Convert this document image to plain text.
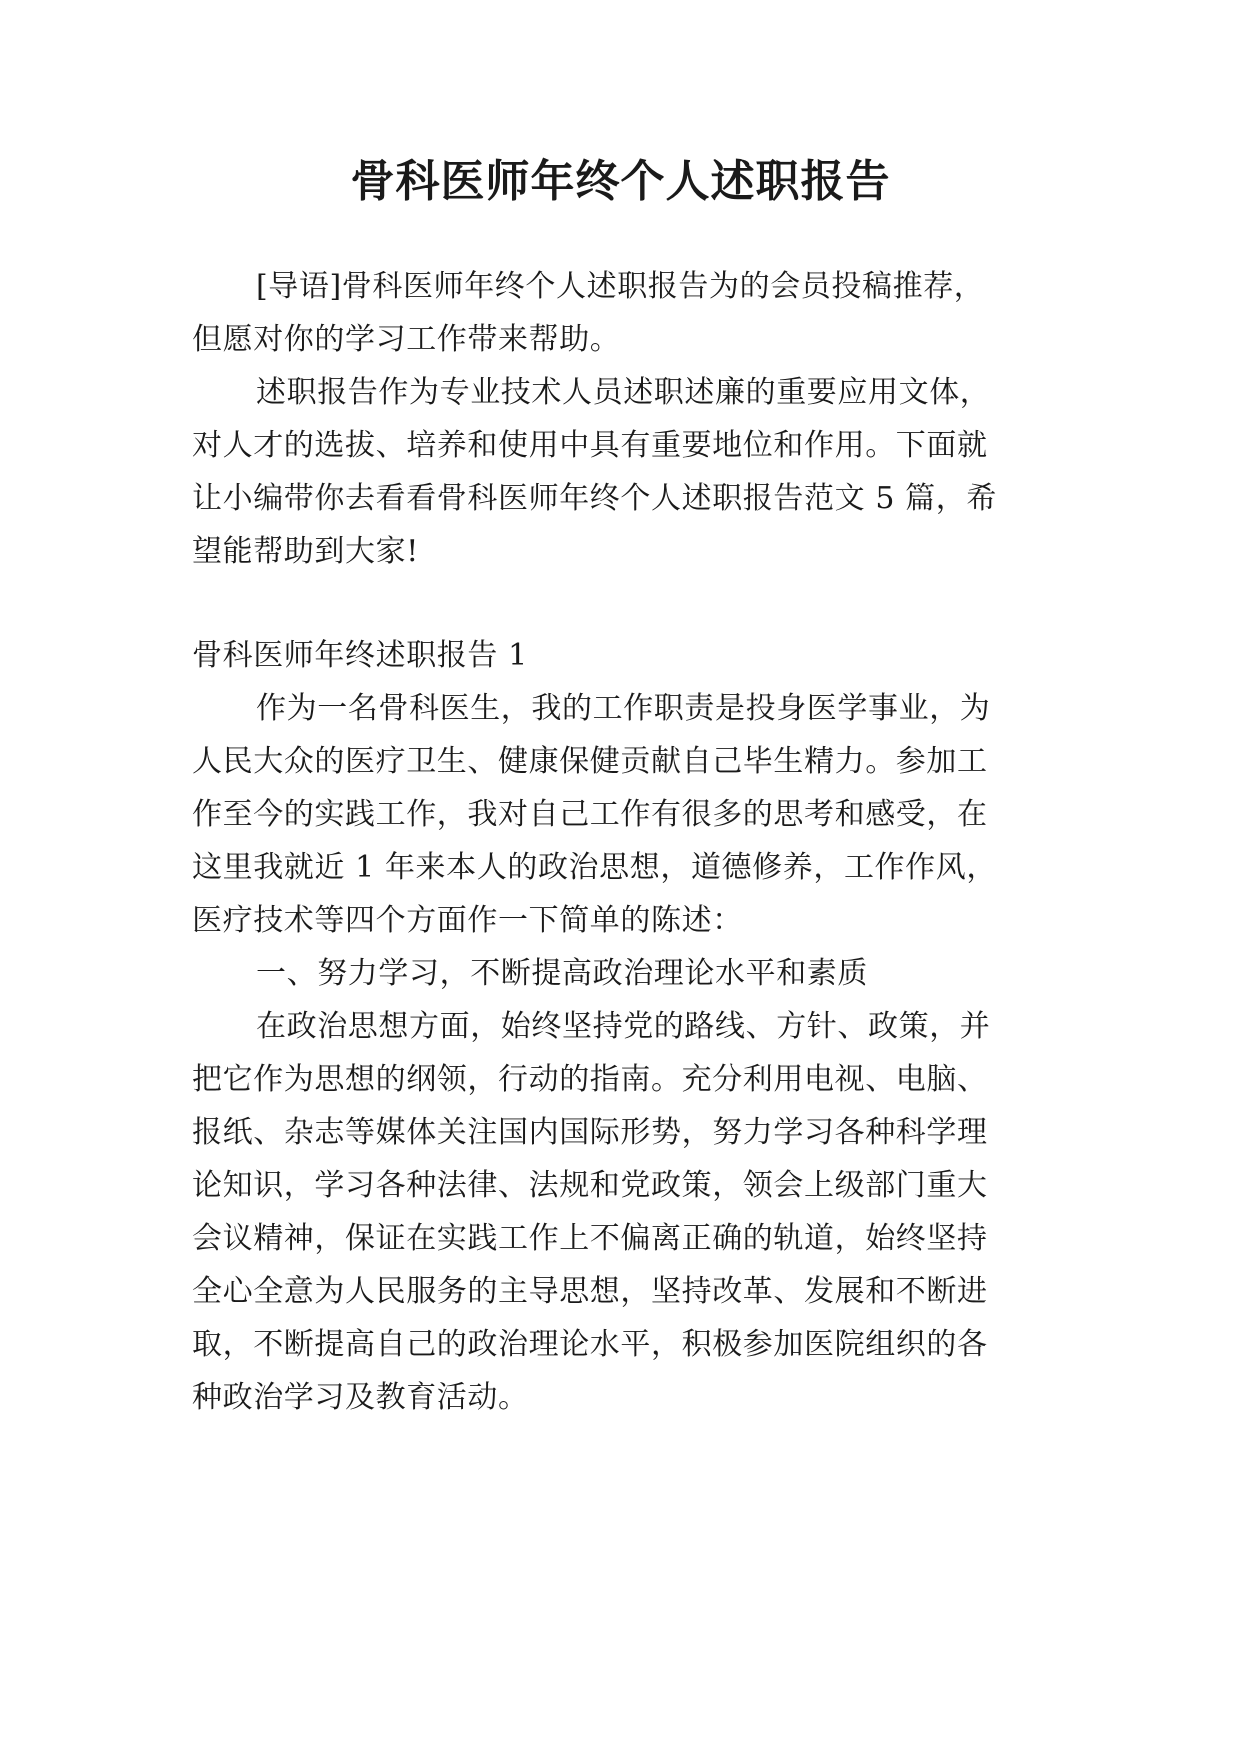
骨科医师年终个人述职报告
[导语]骨科医师年终个人述职报告为的会员投稿推荐，
但愿对你的学习工作带来帮助。
述职报告作为专业技术人员述职述廉的重要应用文体，
对人才的选拔、培养和使用中具有重要地位和作用。下面就
让小编带你去看看骨科医师年终个人述职报告范文 5 篇，希
望能帮助到大家!
骨科医师年终述职报告 1
作为一名骨科医生，我的工作职责是投身医学事业，为
人民大众的医疗卫生、健康保健贡献自己毕生精力。参加工
作至今的实践工作，我对自己工作有很多的思考和感受，在
这里我就近 1 年来本人的政治思想，道德修养，工作作风，
医疗技术等四个方面作一下简单的陈述：
一、努力学习，不断提高政治理论水平和素质
在政治思想方面，始终坚持党的路线、方针、政策，并
把它作为思想的纲领，行动的指南。充分利用电视、电脑、
报纸、杂志等媒体关注国内国际形势，努力学习各种科学理
论知识，学习各种法律、法规和党政策，领会上级部门重大
会议精神，保证在实践工作上不偏离正确的轨道，始终坚持
全心全意为人民服务的主导思想，坚持改革、发展和不断进
取，不断提高自己的政治理论水平，积极参加医院组织的各
种政治学习及教育活动。
